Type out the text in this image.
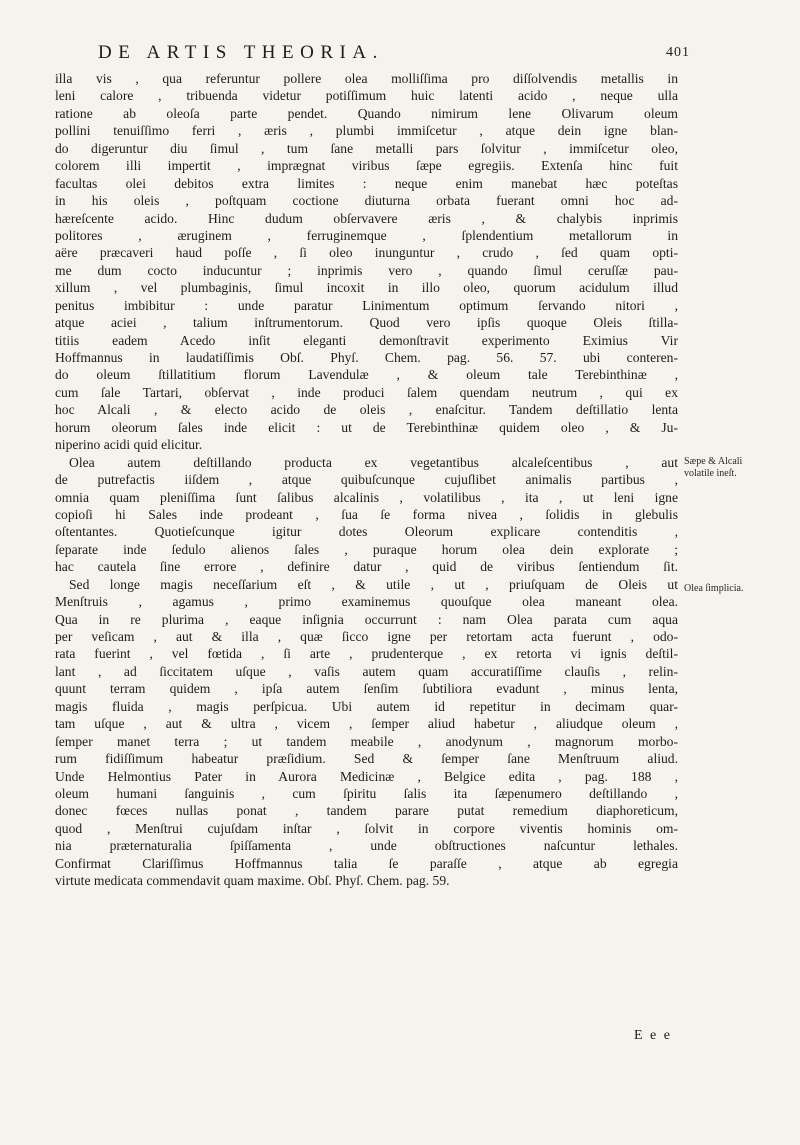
DE ARTIS THEORIA.	401
illa vis , qua referuntur pollere olea molliſſima pro diſſolvendis metallis in
leni calore , tribuenda videtur potiſſimum huic latenti acido , neque ulla
ratione ab oleoſa parte pendet. Quando nimirum lene Olivarum oleum
pollini tenuiſſimo ferri , æris , plumbi immiſcetur , atque dein igne blan-
do digeruntur diu ſimul , tum ſane metalli pars ſolvitur , immiſcetur oleo,
colorem illi impertit , imprægnat viribus ſæpe egregiis. Extenſa hinc fuit
facultas olei debitos extra limites : neque enim manebat hæc poteſtas
in his oleis , poſtquam coctione diuturna orbata fuerant omni hoc ad-
hæreſcente acido. Hinc dudum obſervavere æris , & chalybis inprimis
politores , æruginem , ferruginemque , ſplendentium metallorum in
aëre præcaveri haud poſſe , ſi oleo inunguntur , crudo , ſed quam opti-
me dum cocto inducuntur ; inprimis vero , quando ſimul ceruſſæ pau-
xillum , vel plumbaginis, ſimul incoxit in illo oleo, quorum acidulum illud
penitus imbibitur : unde paratur Linimentum optimum ſervando nitori ,
atque aciei , talium inſtrumentorum. Quod vero ipſis quoque Oleis ſtilla-
titiis eadem Acedo inſit eleganti demonſtravit experimento Eximius Vir
Hoffmannus in laudatiſſimis Obſ. Phyſ. Chem. pag. 56. 57. ubi conteren-
do oleum ſtillatitium florum Lavendulæ , & oleum tale Terebinthinæ ,
cum ſale Tartari, obſervat , inde produci ſalem quendam neutrum , qui ex
hoc Alcali , & electo acido de oleis , enaſcitur. Tandem deſtillatio lenta
horum oleorum ſales inde elicit : ut de Terebinthinæ quidem oleo , & Ju-
niperino acidi quid elicitur.
Olea autem deſtillando producta ex vegetantibus alcaleſcentibus , aut
de putrefactis iiſdem , atque quibuſcunque cujuſlibet animalis partibus ,
omnia quam pleniſſima ſunt ſalibus alcalinis , volatilibus , ita , ut leni igne
copioſi hi Sales inde prodeant , ſua ſe forma nivea , ſolidis in glebulis
oſtentantes. Quotieſcunque igitur dotes Oleorum explicare contenditis ,
ſeparate inde ſedulo alienos ſales , puraque horum olea dein explorate ;
hac cautela ſine errore , definire datur , quid de viribus ſentiendum ſit.
Sed longe magis neceſſarium eſt , & utile , ut , priuſquam de Oleis ut
Menſtruis , agamus , primo examinemus quouſque olea maneant olea.
Qua in re plurima , eaque inſignia occurrunt : nam Olea parata cum aqua
per veſicam , aut & illa , quæ ſicco igne per retortam acta fuerunt , odo-
rata fuerint , vel fœtida , ſi arte , prudenterque , ex retorta vi ignis deſtil-
lant , ad ſiccitatem uſque , vaſis autem quam accuratiſſime clauſis , relin-
quunt terram quidem , ipſa autem ſenſim ſubtiliora evadunt , minus lenta,
magis fluida , magis perſpicua. Ubi autem id repetitur in decimam quar-
tam uſque , aut & ultra , vicem , ſemper aliud habetur , aliudque oleum ,
ſemper manet terra ; ut tandem meabile , anodynum , magnorum morbo-
rum fidiſſimum habeatur præſidium. Sed & ſemper ſane Menſtruum aliud.
Unde Helmontius Pater in Aurora Medicinæ , Belgice edita , pag. 188 ,
oleum humani ſanguinis , cum ſpiritu ſalis ita ſæpenumero deſtillando ,
donec fœces nullas ponat , tandem parare putat remedium diaphoreticum,
quod , Menſtrui cujuſdam inſtar , ſolvit in corpore viventis hominis om-
nia præternaturalia ſpiſſamenta , unde obſtructiones naſcuntur lethales.
Confirmat Clariſſimus Hoffmannus talia ſe paraſſe , atque ab egregia
virtute medicata commendavit quam maxime. Obſ. Phyſ. Chem. pag. 59.
Sæpe & Alcali
volatile ineſt.
Olea ſimplicia.
E e e
